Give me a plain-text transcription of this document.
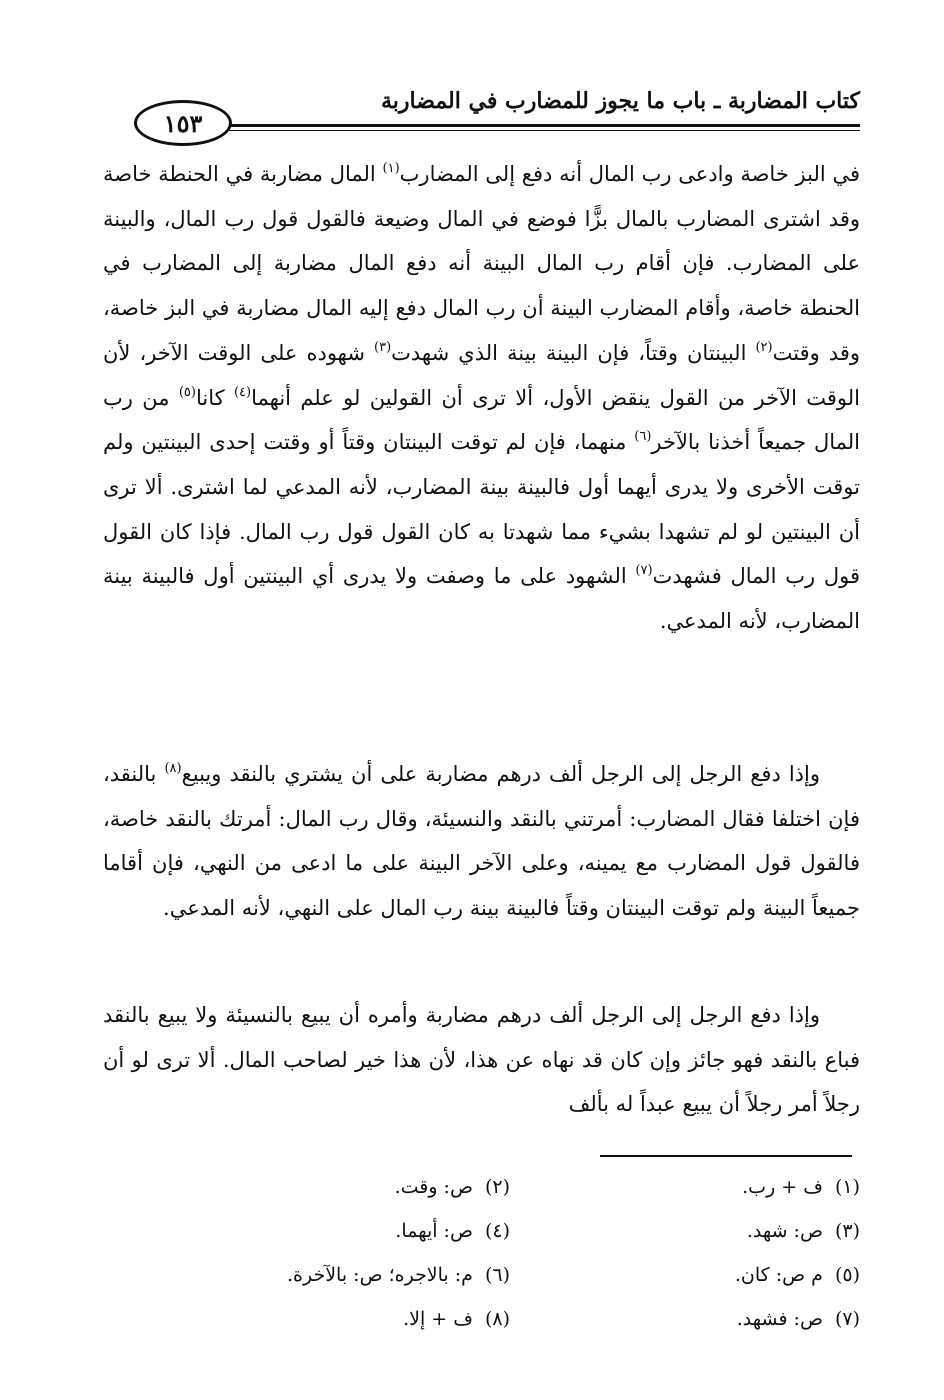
كتاب المضاربة ـ باب ما يجوز للمضارب في المضاربة
١٥٣

في البز خاصة وادعى رب المال أنه دفع إلى المضارب$^{(١)}$ المال مضاربة في الحنطة خاصة وقد اشترى المضارب بالمال بزًّا فوضع في المال وضيعة فالقول قول رب المال، والبينة على المضارب. فإن أقام رب المال البينة أنه دفع المال مضاربة إلى المضارب في الحنطة خاصة، وأقام المضارب البينة أن رب المال دفع إليه المال مضاربة في البز خاصة، وقد وقتت$^{(٢)}$ البينتان وقتاً، فإن البينة بينة الذي شهدت$^{(٣)}$ شهوده على الوقت الآخر، لأن الوقت الآخر من القول ينقض الأول، ألا ترى أن القولين لو علم أنهما$^{(٤)}$ كانا$^{(٥)}$ من رب المال جميعاً أخذنا بالآخر$^{(٦)}$ منهما، فإن لم توقت البينتان وقتاً أو وقتت إحدى البينتين ولم توقت الأخرى ولا يدرى أيهما أول فالبينة بينة المضارب، لأنه المدعي لما اشترى. ألا ترى أن البينتين لو لم تشهدا بشيء مما شهدتا به كان القول قول رب المال. فإذا كان القول قول رب المال فشهدت$^{(٧)}$ الشهود على ما وصفت ولا يدرى أي البينتين أول فالبينة بينة المضارب، لأنه المدعي.

وإذا دفع الرجل إلى الرجل ألف درهم مضاربة على أن يشتري بالنقد ويبيع$^{(٨)}$ بالنقد، فإن اختلفا فقال المضارب: أمرتني بالنقد والنسيئة، وقال رب المال: أمرتك بالنقد خاصة، فالقول قول المضارب مع يمينه، وعلى الآخر البينة على ما ادعى من النهي، فإن أقاما جميعاً البينة ولم توقت البينتان وقتاً فالبينة بينة رب المال على النهي، لأنه المدعي.

وإذا دفع الرجل إلى الرجل ألف درهم مضاربة وأمره أن يبيع بالنسيئة ولا يبيع بالنقد فباع بالنقد فهو جائز وإن كان قد نهاه عن هذا، لأن هذا خير لصاحب المال. ألا ترى لو أن رجلاً أمر رجلاً أن يبيع عبداً له بألف

(١)ف + رب.
(٢)ص: وقت.
(٣)ص: شهد.
(٤)ص: أيهما.
(٥)م ص: كان.
(٦)م: بالاجره؛ ص: بالآخرة.
(٧)ص: فشهد.
(٨)ف + إلا.
